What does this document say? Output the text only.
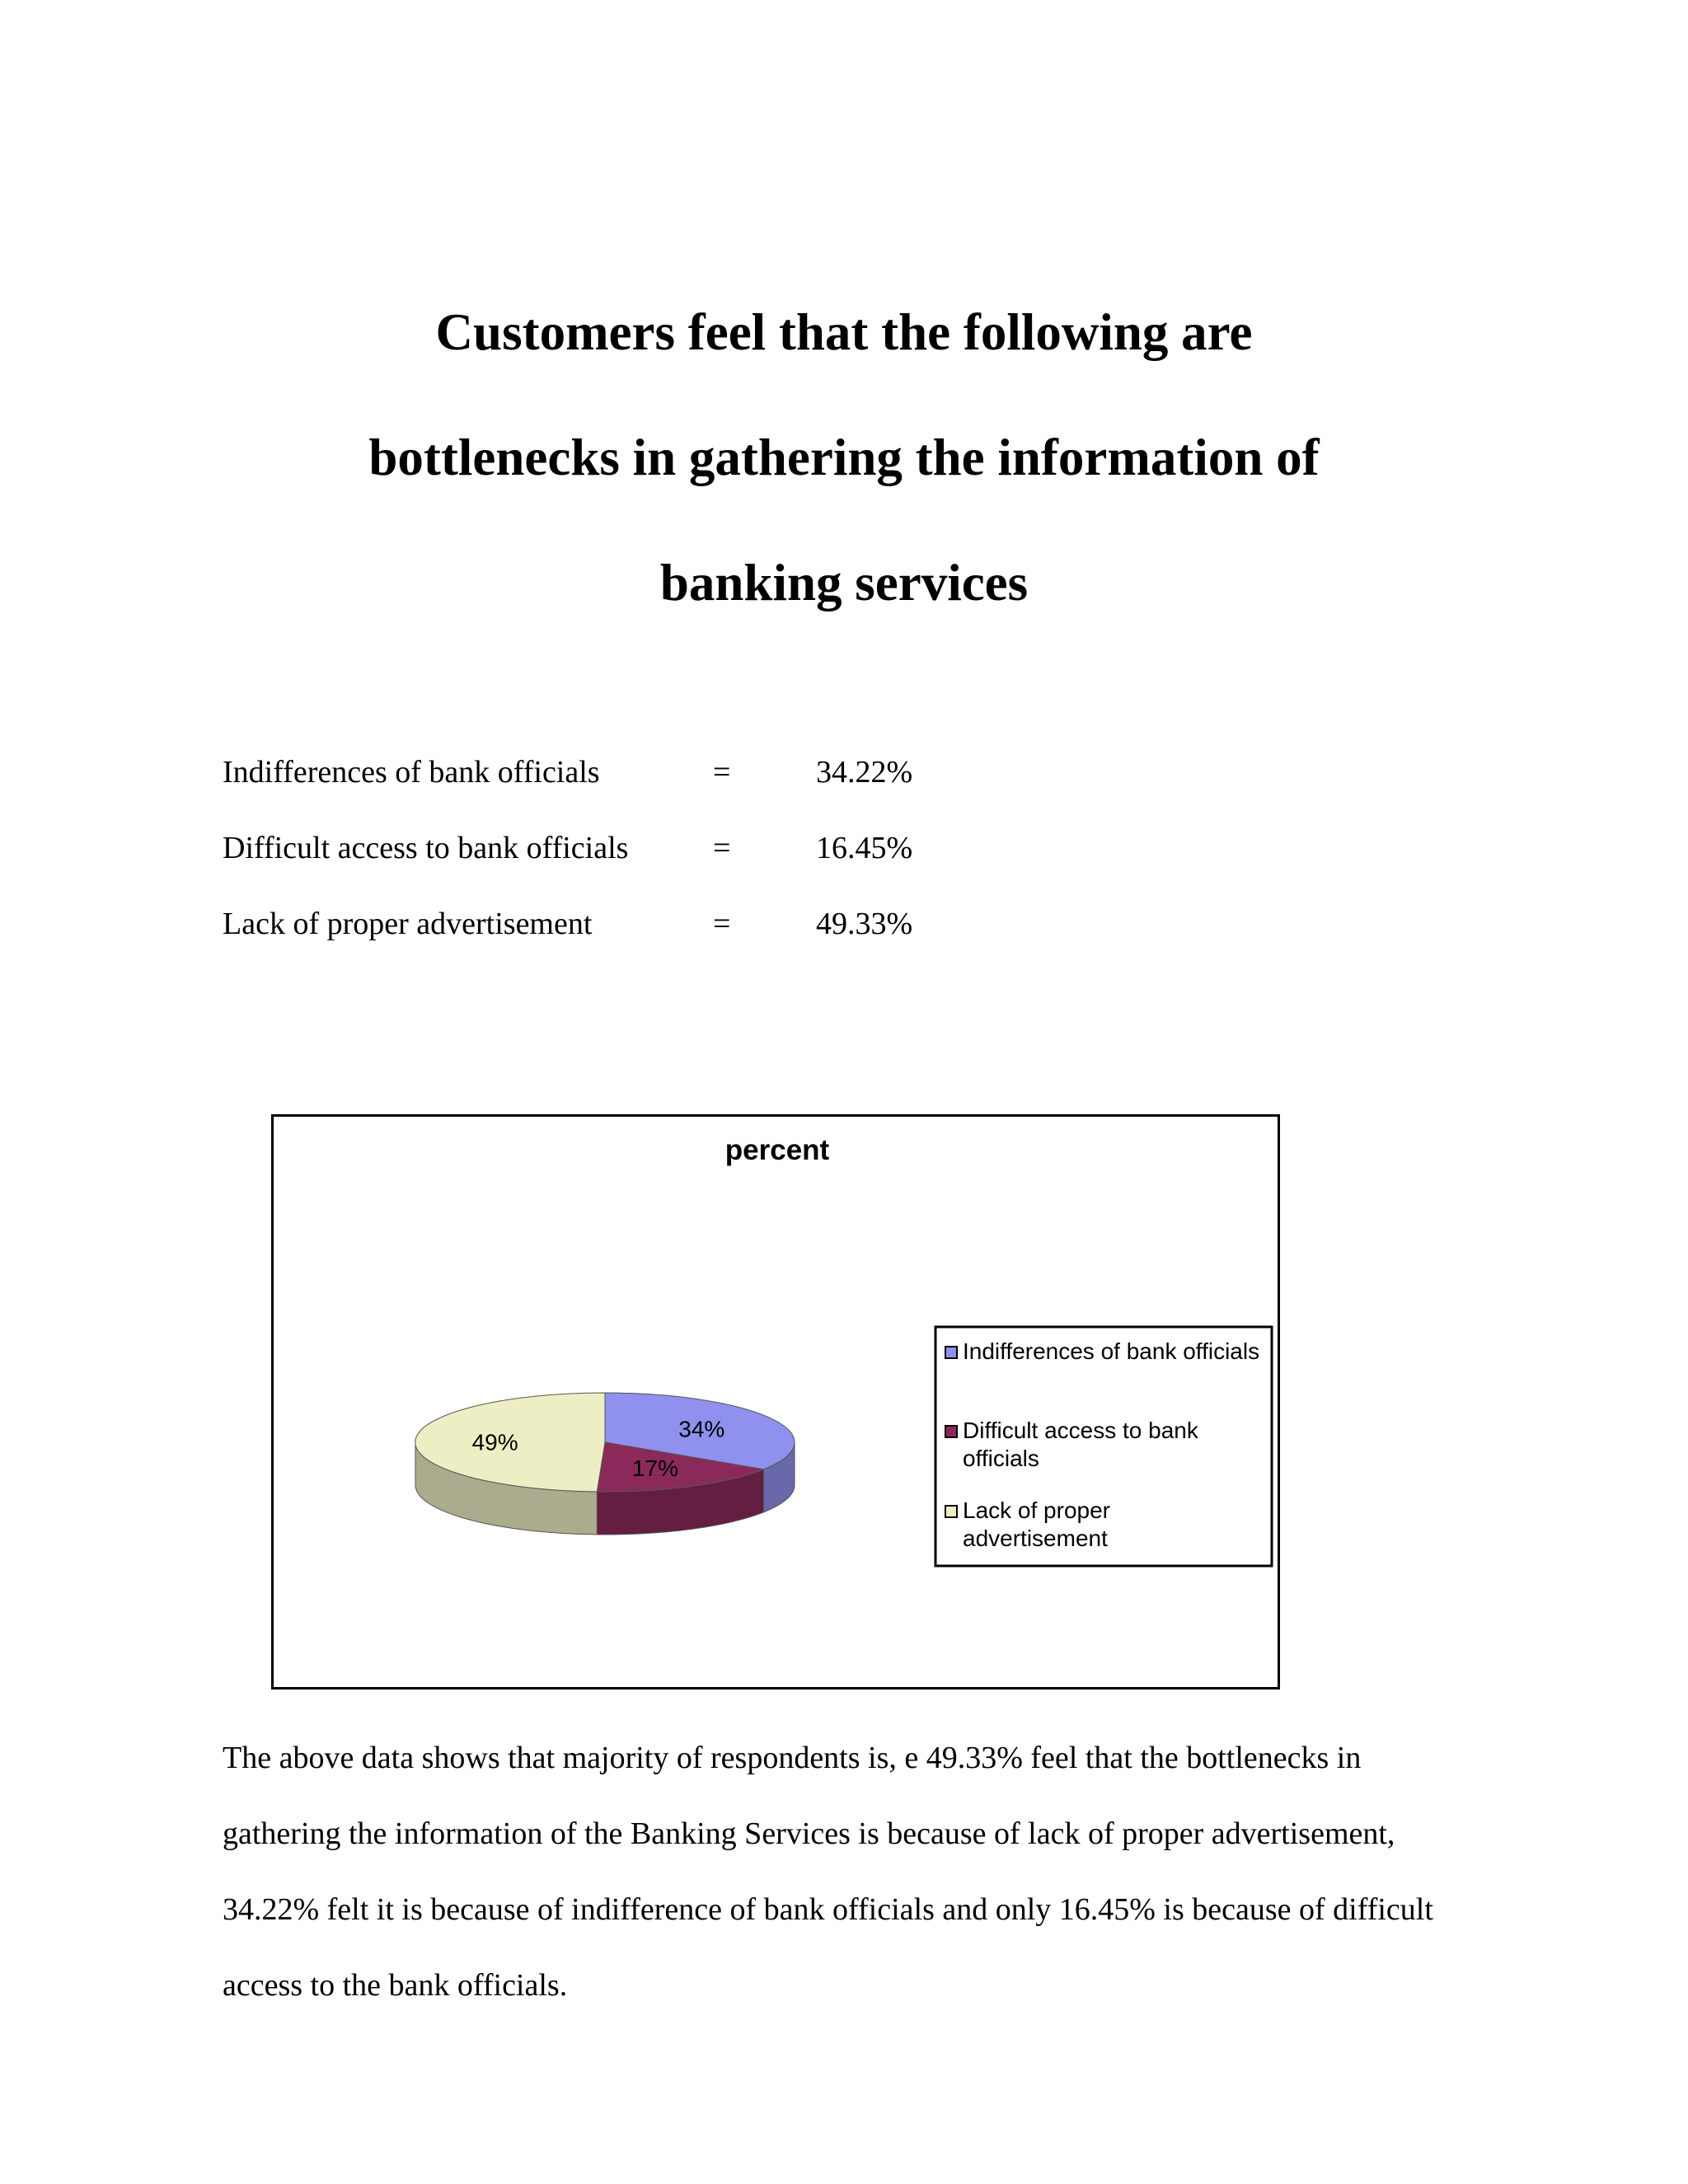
Customers feel that the following are
bottlenecks in gathering the information of
banking services
Indifferences of bank officials	=	34.22%
Difficult access to bank officials	=	16.45%
Lack of proper advertisement	=	49.33%
percent
34%
17%
49%
Indifferences of bank officials
Difficult access to bank
officials
Lack of proper
advertisement
The above data shows that majority of respondents is, e 49.33% feel that the bottlenecks in
gathering the information of the Banking Services is because of lack of proper advertisement,
34.22% felt it is because of indifference of bank officials and only 16.45% is because of difficult
access to the bank officials.
